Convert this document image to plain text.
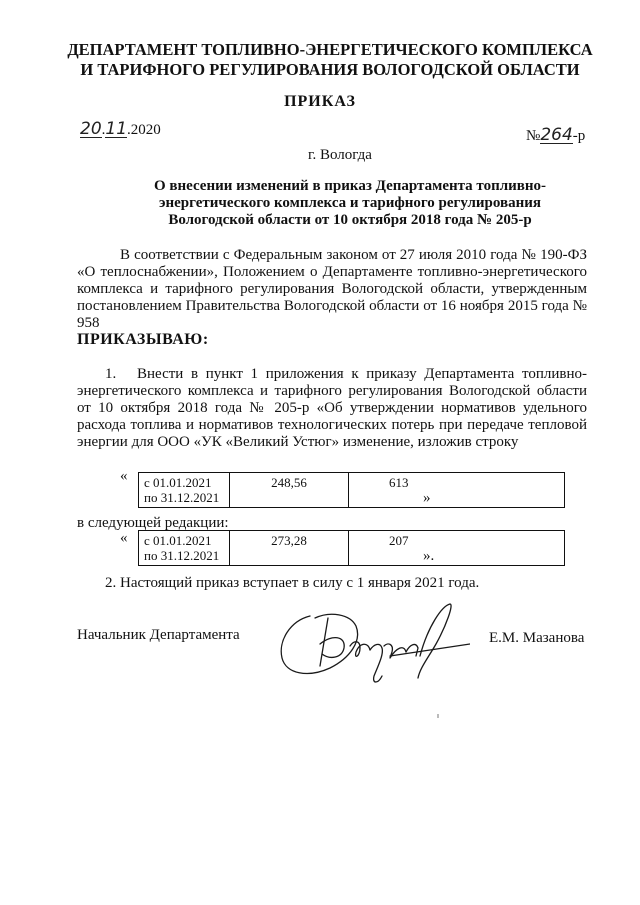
ДЕПАРТАМЕНТ ТОПЛИВНО-ЭНЕРГЕТИЧЕСКОГО КОМПЛЕКСА
И ТАРИФНОГО РЕГУЛИРОВАНИЯ ВОЛОГОДСКОЙ ОБЛАСТИ
ПРИКАЗ
20.11.2020	№264-р
г. Вологда
О внесении изменений в приказ Департамента топливно-энергетического комплекса и тарифного регулирования Вологодской области от 10 октября 2018 года № 205-р
В соответствии с Федеральным законом от 27 июля 2010 года № 190-ФЗ «О теплоснабжении», Положением о Департаменте топливно-энергетического комплекса и тарифного регулирования Вологодской области, утвержденным постановлением Правительства Вологодской области от 16 ноября 2015 года № 958
ПРИКАЗЫВАЮ:
1. Внести в пункт 1 приложения к приказу Департамента топливно-энергетического комплекса и тарифного регулирования Вологодской области от 10 октября 2018 года № 205-р «Об утверждении нормативов удельного расхода топлива и нормативов технологических потерь при передаче тепловой энергии для ООО «УК «Великий Устюг» изменение, изложив строку
« с 01.01.2021
по 31.12.2021
	248,56	613
»
в следующей редакции:
« с 01.01.2021
по 31.12.2021
	273,28	207
».
2. Настоящий приказ вступает в силу с 1 января 2021 года.
Начальник Департамента	Е.М. Мазанова
